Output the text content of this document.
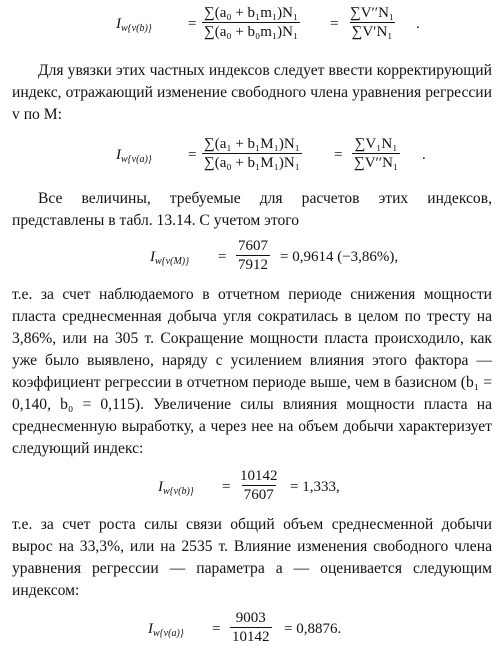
$I_{w\{v(b)\}} = \frac{\text{∑(a₀ + b₁m₁)N₁}}{\text{∑(a₀ + b₀m₁)N₁}} = \frac{\text{∑V′′N₁}}{\text{∑V′N₁}}$ .

Для увязки этих частных индексов следует ввести корректирующий индекс, отражающий изменение свободного члена уравнения регрессии v по M:

$I_{w\{v(a)\}} = \frac{\text{∑(a₁ + b₁M₁)N₁}}{\text{∑(a₀ + b₁M₁)N₁}} = \frac{\text{∑V₁N₁}}{\text{∑V′′N₁}}$ .

Все величины, требуемые для расчетов этих индексов, представлены в табл. 13.14. С учетом этого

$I_{w\{v(M)\}} = \frac{7607}{7912} = 0,9614$ (−3,86%),

т.е. за счет наблюдаемого в отчетном периоде снижения мощности пласта среднесменная добыча угля сократилась в целом по тресту на 3,86%, или на 305 т. Сокращение мощности пласта происходило, как уже было выявлено, наряду с усилением влияния этого фактора — коэффициент регрессии в отчетном периоде выше, чем в базисном (b₁ = 0,140, b₀ = 0,115). Увеличение силы влияния мощности пласта на среднесменную выработку, а через нее на объем добычи характеризует следующий индекс:

$I_{w\{v(b)\}} = \frac{10142}{7607} = 1,333$,

т.е. за счет роста силы связи общий объем среднесменной добычи вырос на 33,3%, или на 2535 т. Влияние изменения свободного члена уравнения регрессии — параметра a — оценивается следующим индексом:

$I_{w\{v(a)\}} = \frac{9003}{10142} = 0,8876$.
